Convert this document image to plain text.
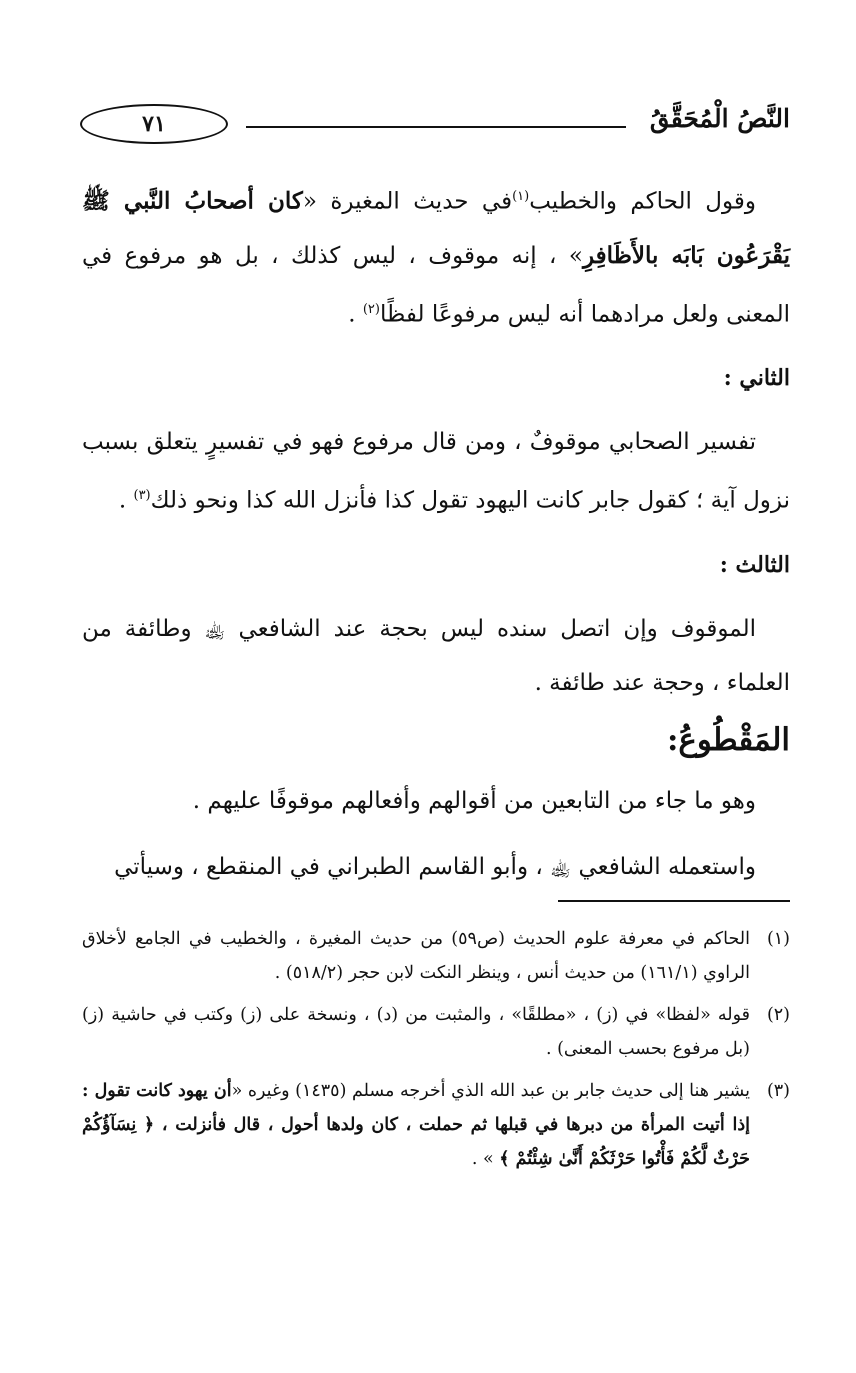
النَّصُ الْمُحَقَّقُ
٧١

وقول الحاكم والخطيب$^{(١)}$في حديث المغيرة «كان أصحابُ النَّبي ﷺ يَقْرَعُون بَابَه بالأَظَافِرِ» ، إنه موقوف ، ليس كذلك ، بل هو مرفوع في المعنى ولعل مرادهما أنه ليس مرفوعًا لفظًا$^{(٢)}$ .

الثاني :

تفسير الصحابي موقوفٌ ، ومن قال مرفوع فهو في تفسيرٍ يتعلق بسبب نزول آية ؛ كقول جابر كانت اليهود تقول كذا فأنزل الله كذا ونحو ذلك$^{(٣)}$ .

الثالث :

الموقوف وإن اتصل سنده ليس بحجة عند الشافعي ﵀ وطائفة من العلماء ، وحجة عند طائفة .

المَقْطُوعُ:

وهو ما جاء من التابعين من أقوالهم وأفعالهم موقوفًا عليهم .

واستعمله الشافعي ﵀ ، وأبو القاسم الطبراني في المنقطع ، وسيأتي

(١)
الحاكم في معرفة علوم الحديث (ص٥٩) من حديث المغيرة ، والخطيب في الجامع لأخلاق الراوي (١٦١/١) من حديث أنس ، وينظر النكت لابن حجر (٥١٨/٢) .

(٢)
قوله «لفظا» في (ز) ، «مطلقًا» ، والمثبت من (د) ، ونسخة على (ز) وكتب في حاشية (ز) (بل مرفوع بحسب المعنى) .

(٣)
يشير هنا إلى حديث جابر بن عبد الله الذي أخرجه مسلم (١٤٣٥) وغيره «أن يهود كانت تقول : إذا أتيت المرأة من دبرها في قبلها ثم حملت ، كان ولدها أحول ، قال فأنزلت ، ﴿ نِسَآؤُكُمْ حَرْثٌ لَّكُمْ فَأْتُوا حَرْثَكُمْ أَنَّىٰ شِئْتُمْ ﴾ » .
